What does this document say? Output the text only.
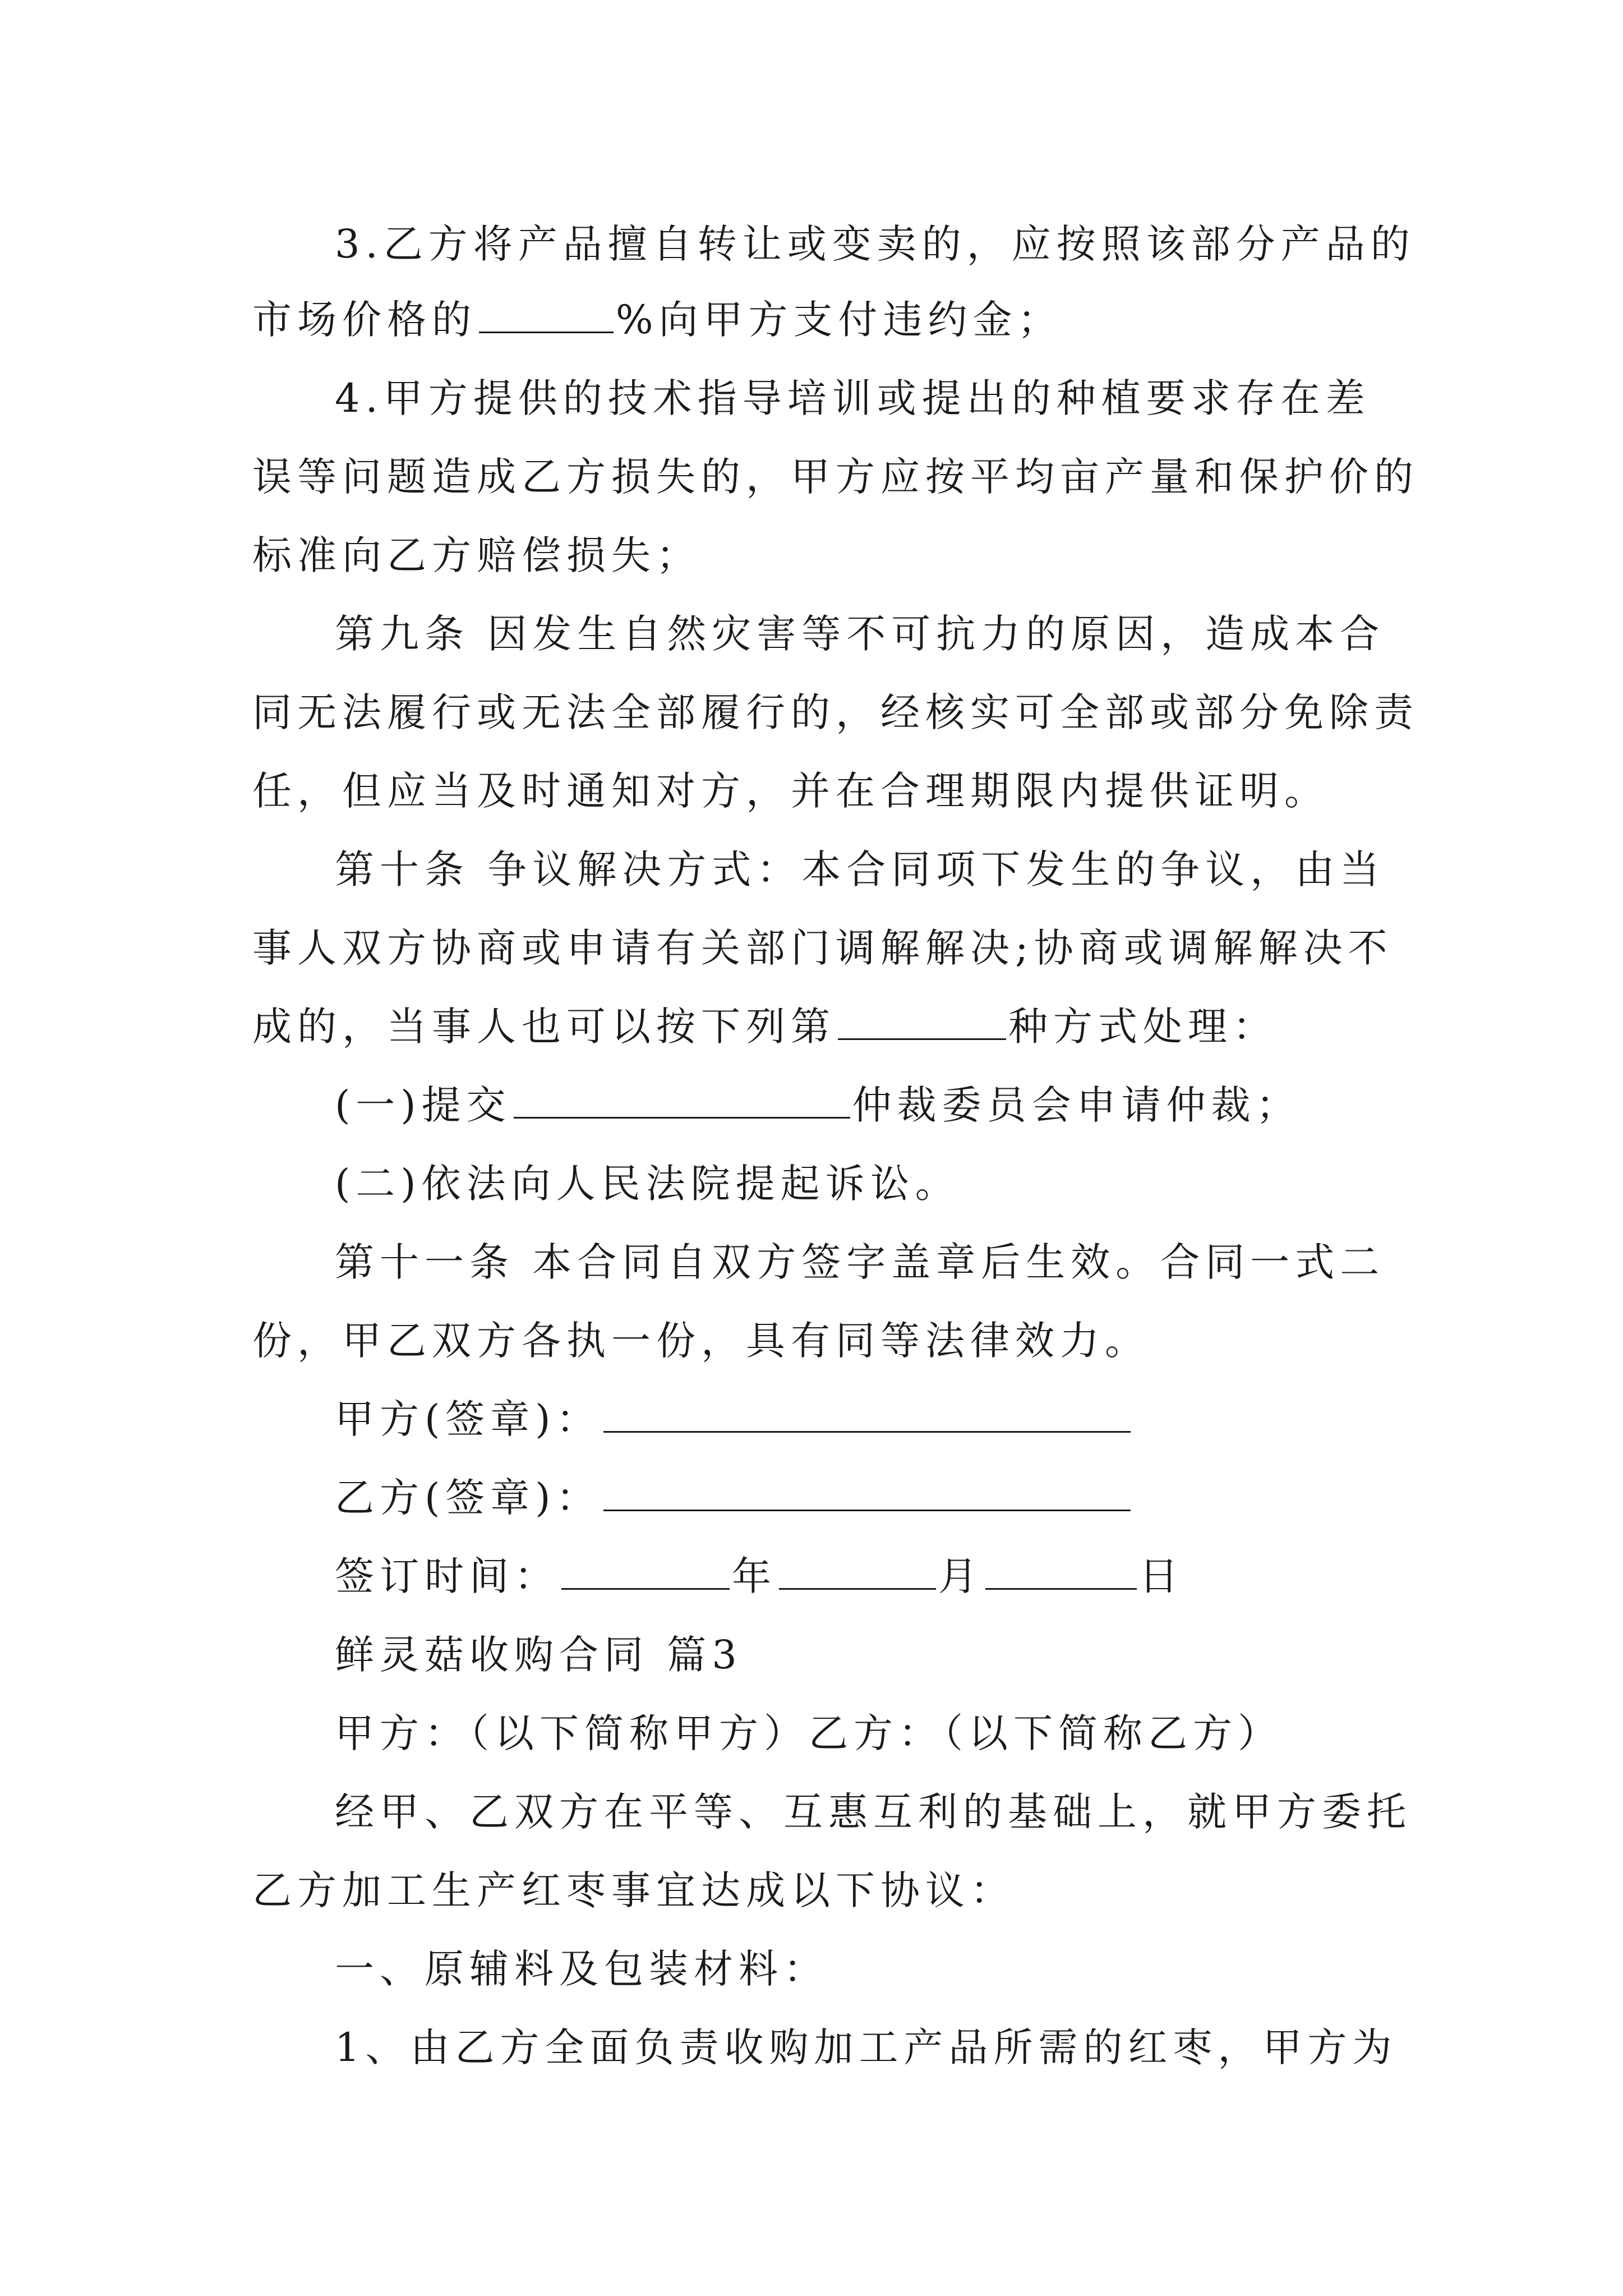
3.乙方将产品擅自转让或变卖的，应按照该部分产品的
市场价格的	%向甲方支付违约金；
4.甲方提供的技术指导培训或提出的种植要求存在差
误等问题造成乙方损失的，甲方应按平均亩产量和保护价的
标准向乙方赔偿损失；
第九条 因发生自然灾害等不可抗力的原因，造成本合
同无法履行或无法全部履行的，经核实可全部或部分免除责
任，但应当及时通知对方，并在合理期限内提供证明。
第十条 争议解决方式：本合同项下发生的争议，由当
事人双方协商或申请有关部门调解解决;协商或调解解决不
成的，当事人也可以按下列第	种方式处理：
(一)提交	仲裁委员会申请仲裁；
(二)依法向人民法院提起诉讼。
第十一条 本合同自双方签字盖章后生效。合同一式二
份，甲乙双方各执一份，具有同等法律效力。
甲方(签章)：
乙方(签章)：
签订时间：	年	月	日
鲜灵菇收购合同 篇3
甲方：（以下简称甲方）乙方：（以下简称乙方）
经甲、乙双方在平等、互惠互利的基础上，就甲方委托
乙方加工生产红枣事宜达成以下协议：
一、原辅料及包装材料：
1、由乙方全面负责收购加工产品所需的红枣，甲方为
